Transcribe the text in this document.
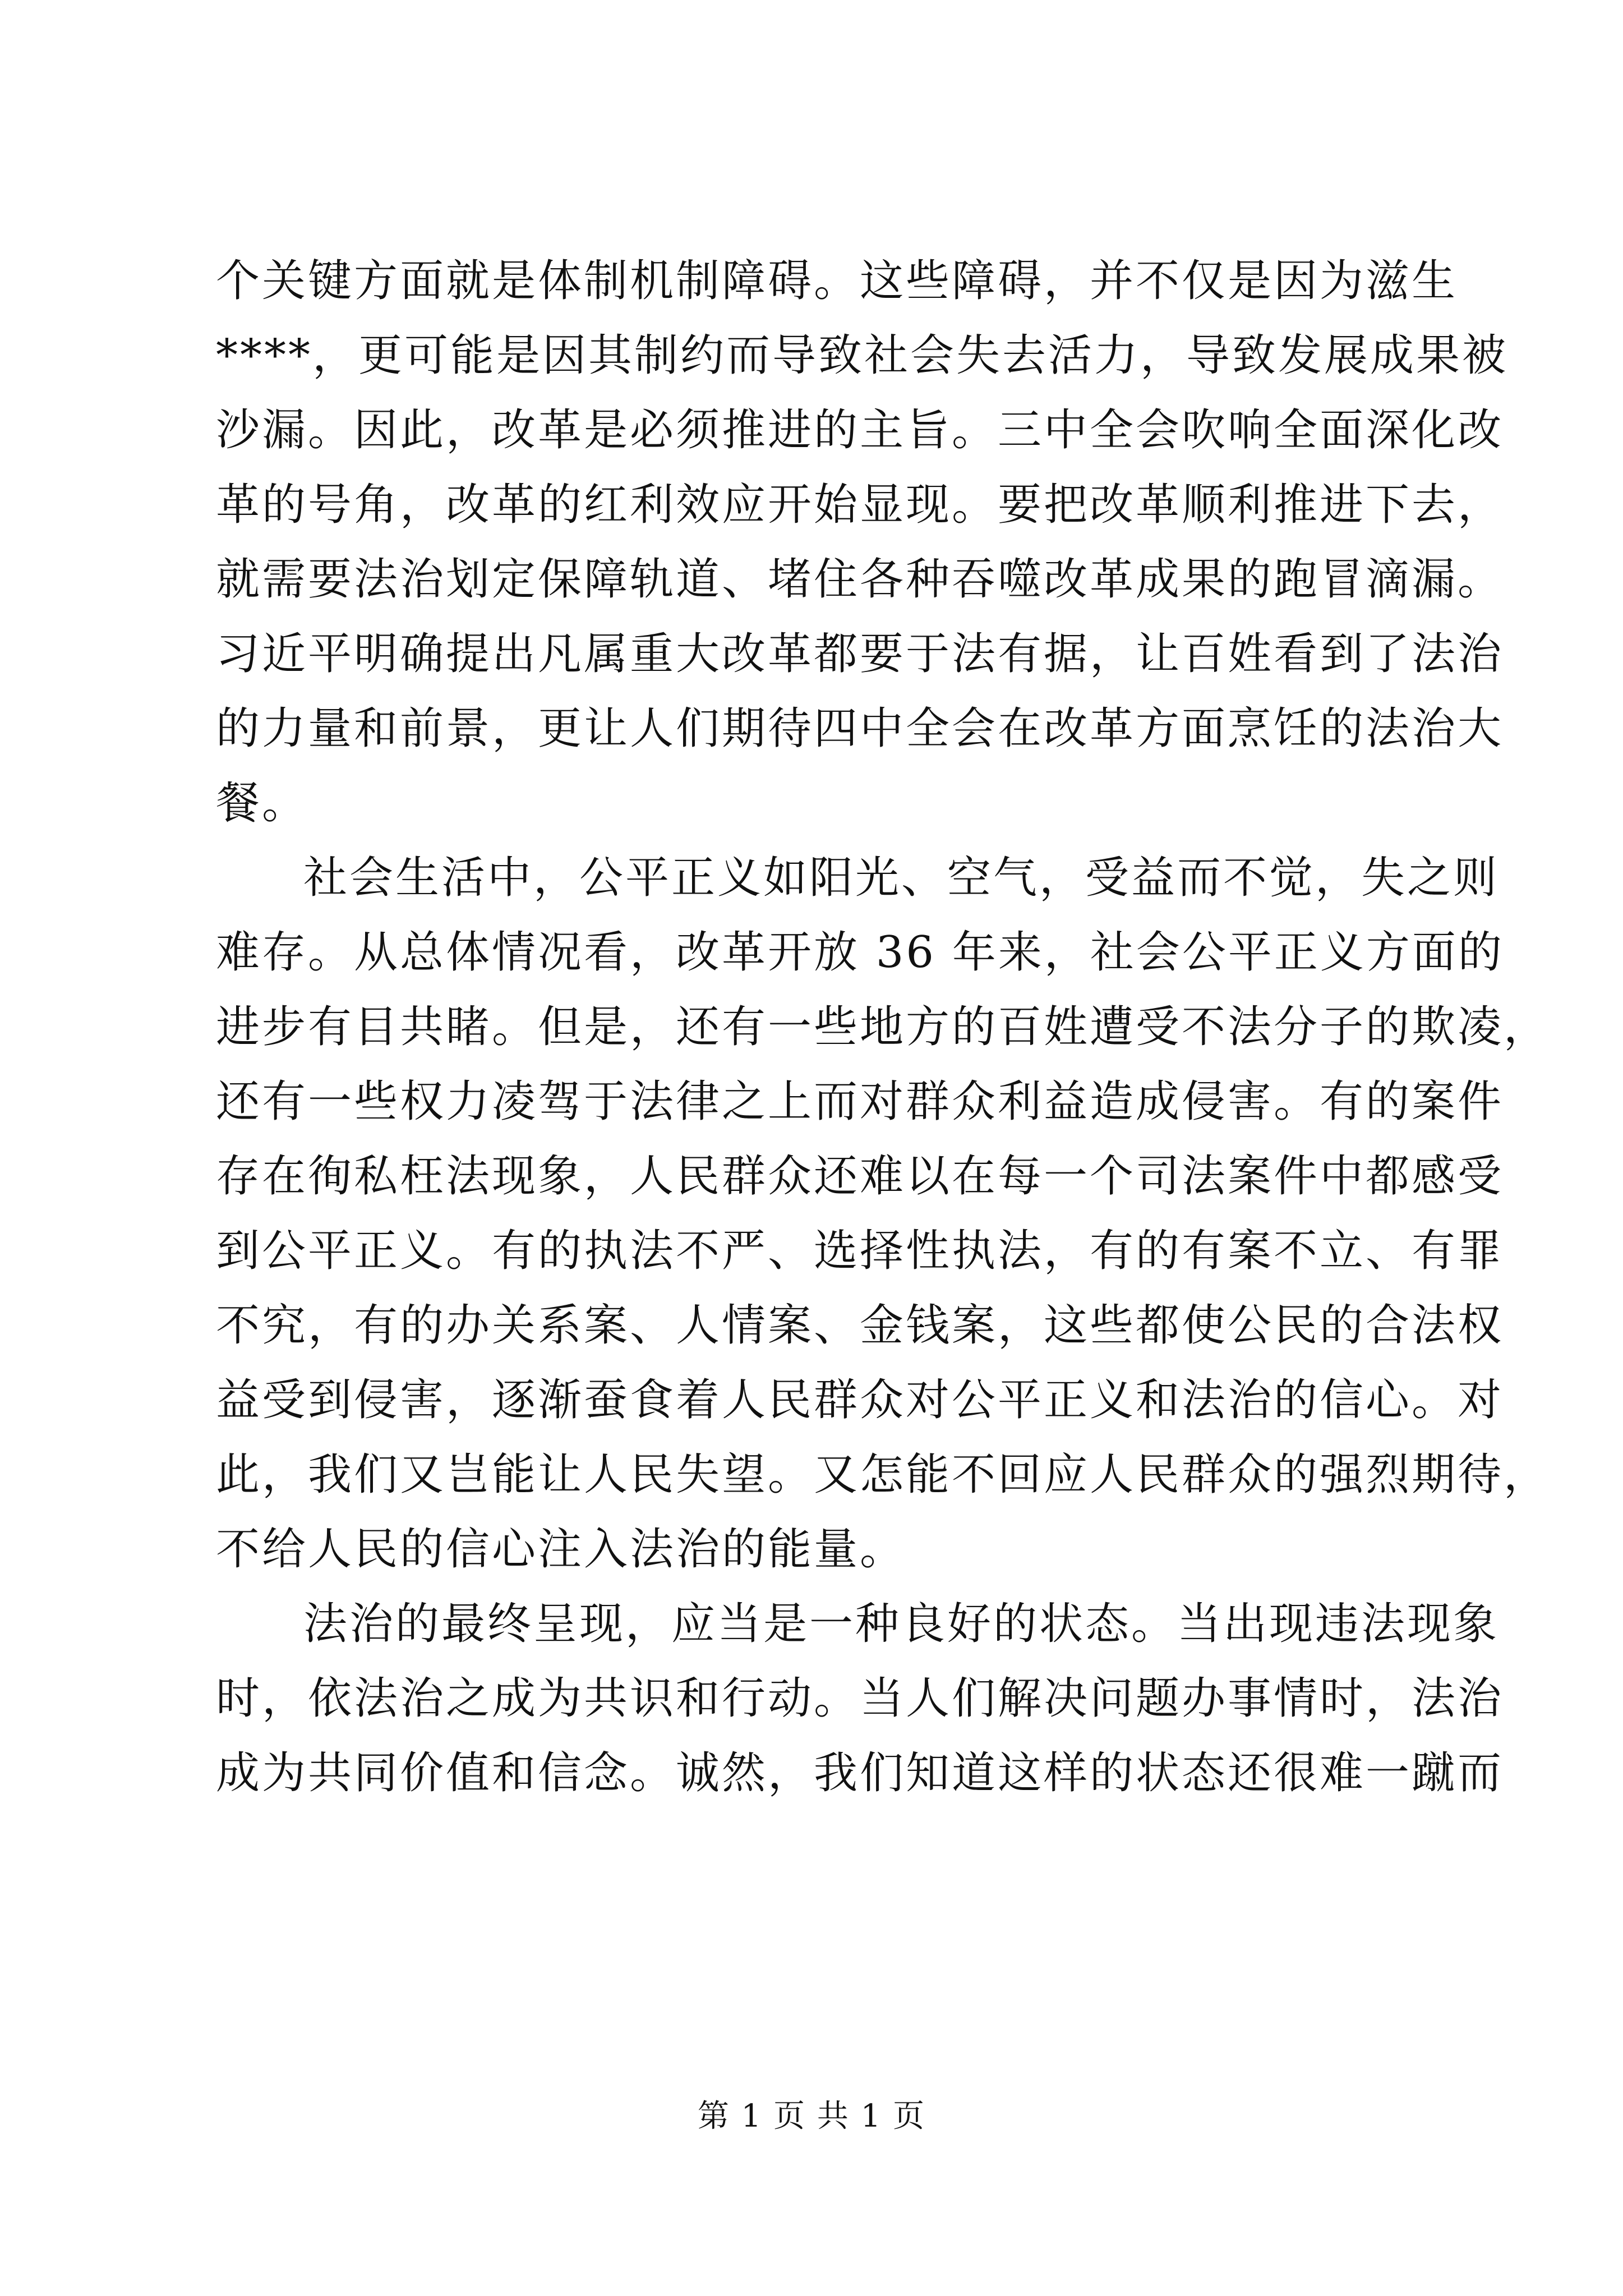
个关键方面就是体制机制障碍。这些障碍，并不仅是因为滋生
****，更可能是因其制约而导致社会失去活力，导致发展成果被
沙漏。因此，改革是必须推进的主旨。三中全会吹响全面深化改
革的号角，改革的红利效应开始显现。要把改革顺利推进下去，
就需要法治划定保障轨道、堵住各种吞噬改革成果的跑冒滴漏。
习近平明确提出凡属重大改革都要于法有据，让百姓看到了法治
的力量和前景，更让人们期待四中全会在改革方面烹饪的法治大
餐。
社会生活中，公平正义如阳光、空气，受益而不觉，失之则
难存。从总体情况看，改革开放 36 年来，社会公平正义方面的
进步有目共睹。但是，还有一些地方的百姓遭受不法分子的欺凌，
还有一些权力凌驾于法律之上而对群众利益造成侵害。有的案件
存在徇私枉法现象，人民群众还难以在每一个司法案件中都感受
到公平正义。有的执法不严、选择性执法，有的有案不立、有罪
不究，有的办关系案、人情案、金钱案，这些都使公民的合法权
益受到侵害，逐渐蚕食着人民群众对公平正义和法治的信心。对
此，我们又岂能让人民失望。又怎能不回应人民群众的强烈期待，
不给人民的信心注入法治的能量。
法治的最终呈现，应当是一种良好的状态。当出现违法现象
时，依法治之成为共识和行动。当人们解决问题办事情时，法治
成为共同价值和信念。诚然，我们知道这样的状态还很难一蹴而
第 1 页 共 1 页
